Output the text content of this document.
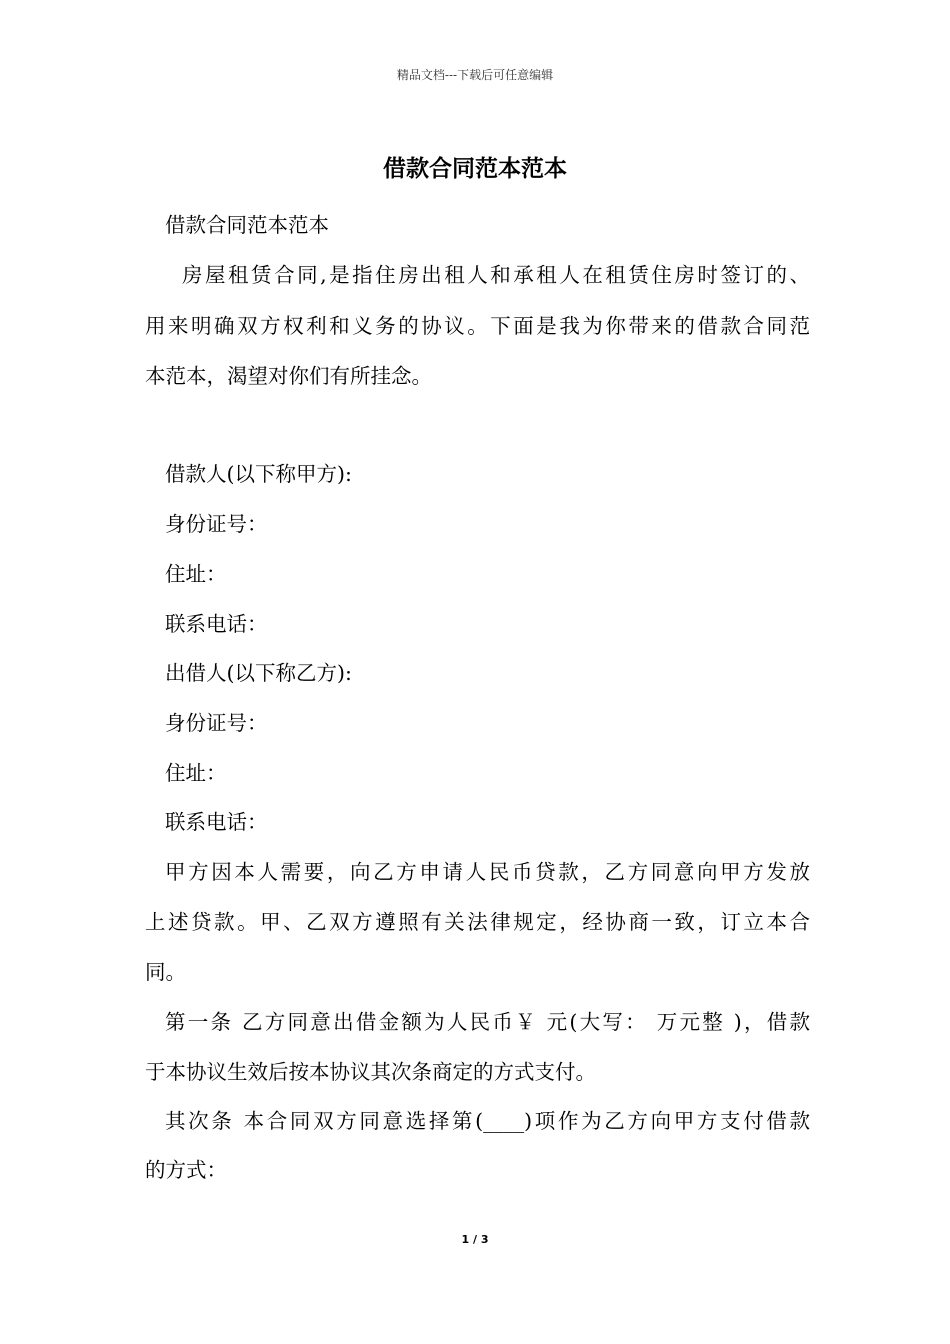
精品文档---下载后可任意编辑
借款合同范本范本
借款合同范本范本
房屋租赁合同,是指住房出租人和承租人在租赁住房时签订的、
用来明确双方权利和义务的协议。下面是我为你带来的借款合同范
本范本，渴望对你们有所挂念。
借款人(以下称甲方):
身份证号：
住址：
联系电话：
出借人(以下称乙方):
身份证号：
住址：
联系电话：
甲方因本人需要，向乙方申请人民币贷款，乙方同意向甲方发放
上述贷款。甲、乙双方遵照有关法律规定，经协商一致，订立本合
同。
第一条 乙方同意出借金额为人民币￥ 元(大写： 万元整 )，借款
于本协议生效后按本协议其次条商定的方式支付。
其次条 本合同双方同意选择第(____)项作为乙方向甲方支付借款
的方式：
1 / 3
